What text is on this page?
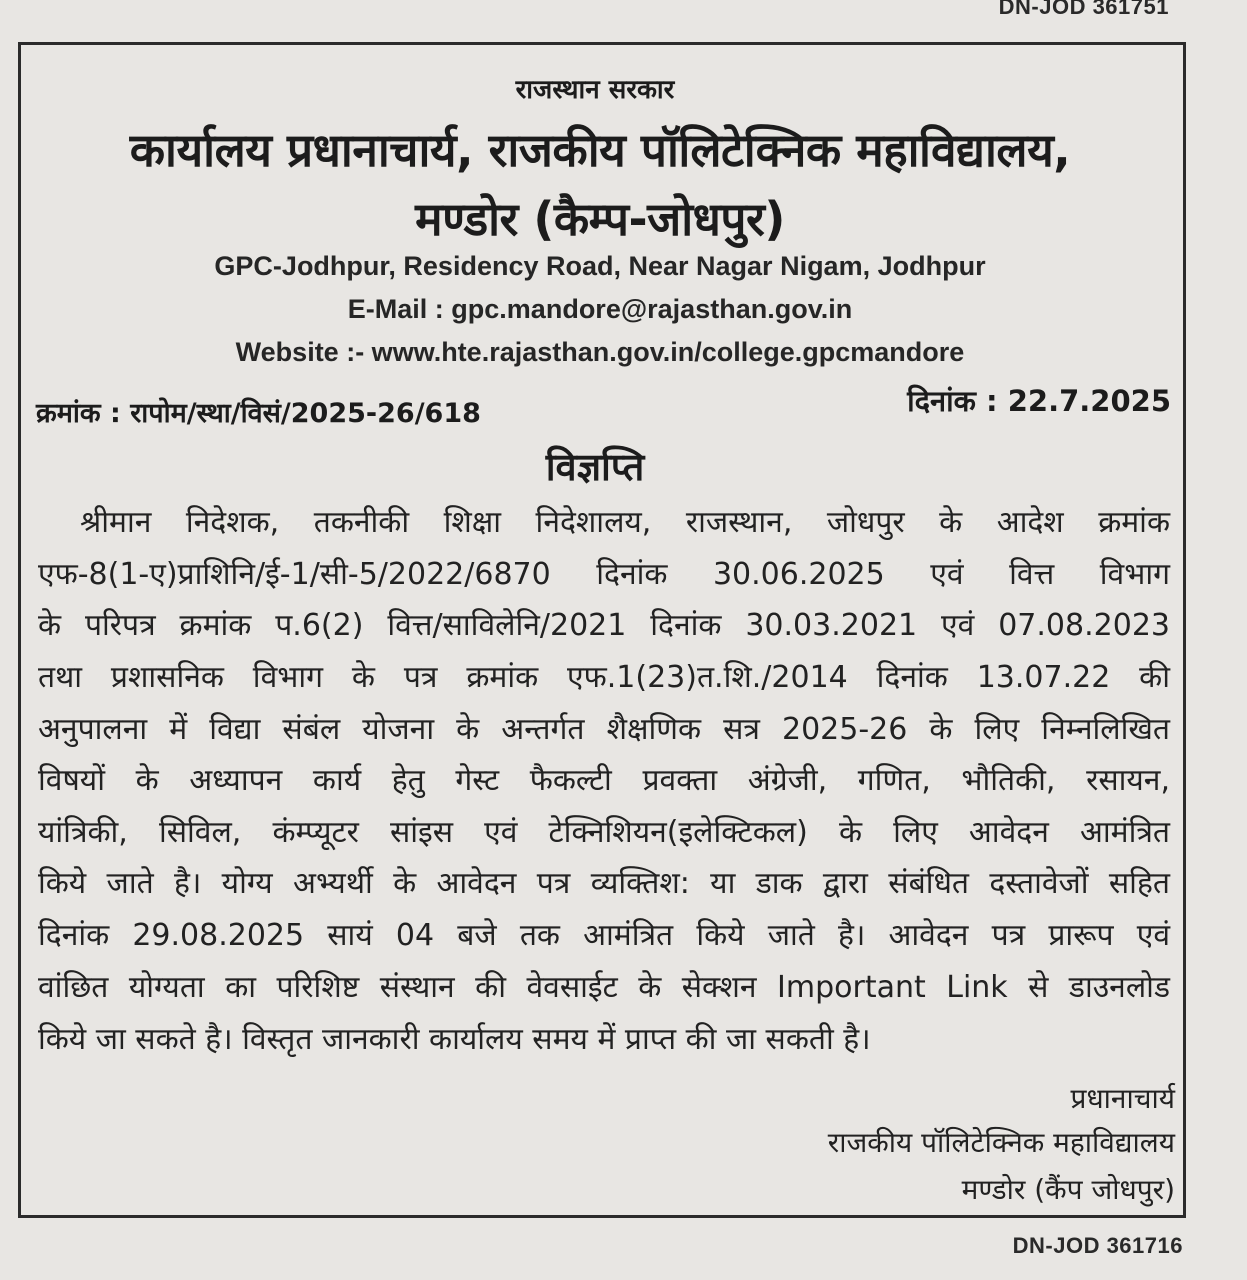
DN-JOD 361751
राजस्थान सरकार
कार्यालय प्रधानाचार्य, राजकीय पॉलिटेक्निक महाविद्यालय,
मण्डोर (कैम्प-जोधपुर)
GPC-Jodhpur, Residency Road, Near Nagar Nigam, Jodhpur
E-Mail : gpc.mandore@rajasthan.gov.in
Website :- www.hte.rajasthan.gov.in/college.gpcmandore
क्रमांक : रापोम/स्था/विसं/2025-26/618	दिनांक : 22.7.2025
विज्ञप्ति
श्रीमान निदेशक, तकनीकी शिक्षा निदेशालय, राजस्थान, जोधपुर के आदेश क्रमांक
एफ-8(1-ए)प्राशिनि/ई-1/सी-5/2022/6870 दिनांक 30.06.2025 एवं वित्त विभाग
के परिपत्र क्रमांक प.6(2) वित्त/साविलेनि/2021 दिनांक 30.03.2021 एवं 07.08.2023
तथा प्रशासनिक विभाग के पत्र क्रमांक एफ.1(23)त.शि./2014 दिनांक 13.07.22 की
अनुपालना में विद्या संबंल योजना के अन्तर्गत शैक्षणिक सत्र 2025-26 के लिए निम्नलिखित
विषयों के अध्यापन कार्य हेतु गेस्ट फैकल्टी प्रवक्ता अंग्रेजी, गणित, भौतिकी, रसायन,
यांत्रिकी, सिविल, कंम्प्यूटर सांइस एवं टेक्निशियन(इलेक्टिकल) के लिए आवेदन आमंत्रित
किये जाते है। योग्य अभ्यर्थी के आवेदन पत्र व्यक्तिश: या डाक द्वारा संबंधित दस्तावेजों सहित
दिनांक 29.08.2025 सायं 04 बजे तक आमंत्रित किये जाते है। आवेदन पत्र प्रारूप एवं
वांछित योग्यता का परिशिष्ट संस्थान की वेवसाईट के सेक्शन Important Link से डाउनलोड
किये जा सकते है। विस्तृत जानकारी कार्यालय समय में प्राप्त की जा सकती है।
प्रधानाचार्य
राजकीय पॉलिटेक्निक महाविद्यालय
मण्डोर (कैंप जोधपुर)
DN-JOD 361716
